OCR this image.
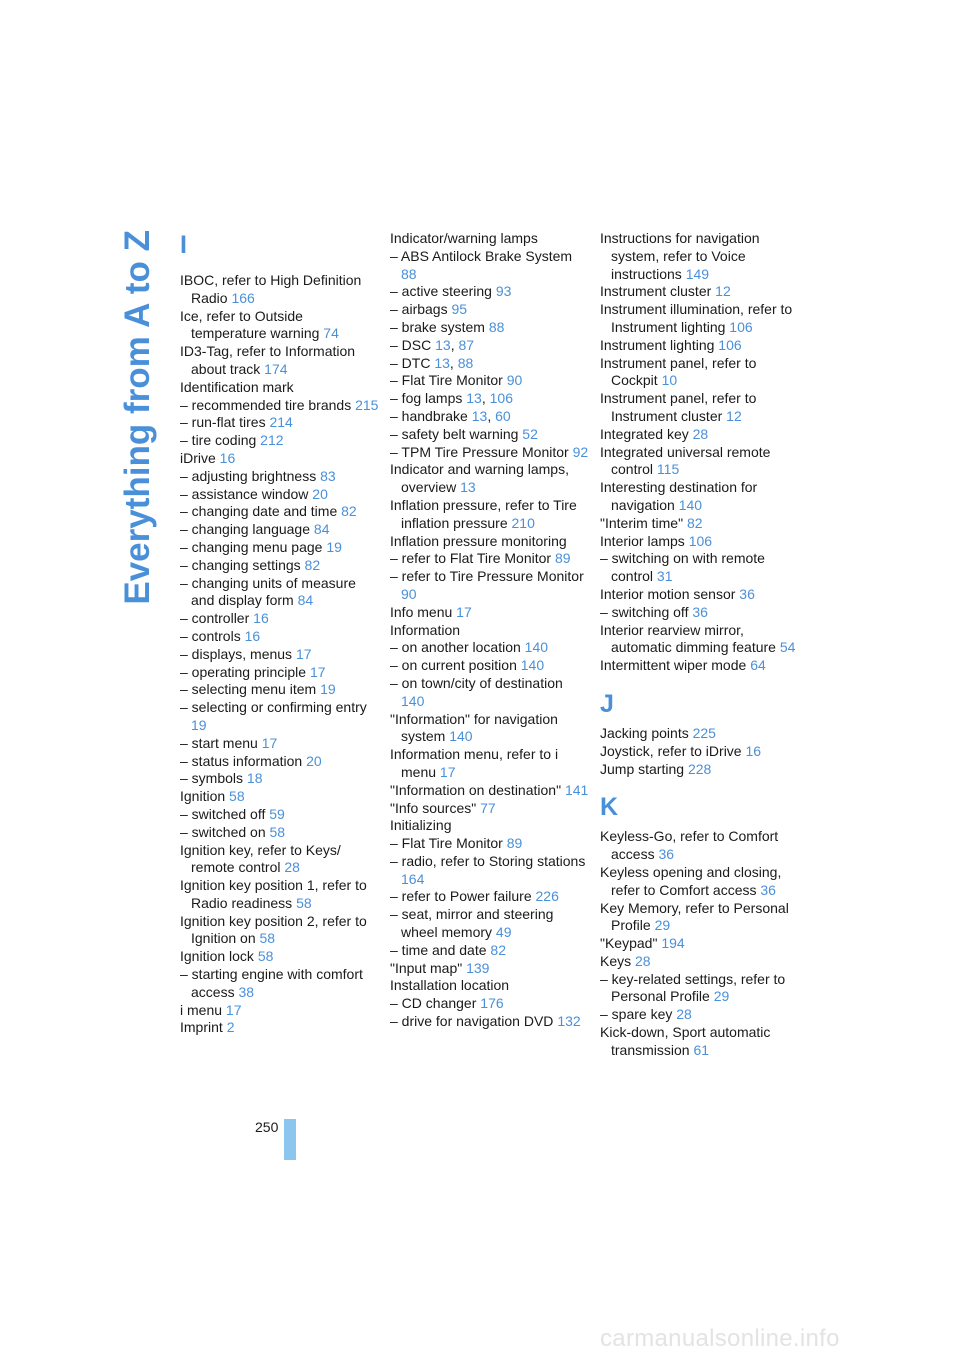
Everything from A to Z I
IBOC, refer to High Definition Radio 166
Ice, refer to Outside temperature warning 74
ID3-Tag, refer to Information about track 174
Identification mark
– recommended tire brands 215
– run-flat tires 214
– tire coding 212
iDrive 16
– adjusting brightness 83
– assistance window 20
– changing date and time 82
– changing language 84
– changing menu page 19
– changing settings 82
– changing units of measure and display form 84
– controller 16
– controls 16
– displays, menus 17
– operating principle 17
– selecting menu item 19
– selecting or confirming entry 19
– start menu 17
– status information 20
– symbols 18
Ignition 58
– switched off 59
– switched on 58
Ignition key, refer to Keys/ remote control 28
Ignition key position 1, refer to Radio readiness 58
Ignition key position 2, refer to Ignition on 58
Ignition lock 58
– starting engine with comfort access 38
i menu 17
Imprint 2
Indicator/warning lamps
– ABS Antilock Brake System 88
– active steering 93
– airbags 95
– brake system 88
– DSC 13, 87
– DTC 13, 88
– Flat Tire Monitor 90
– fog lamps 13, 106
– handbrake 13, 60
– safety belt warning 52
– TPM Tire Pressure Monitor 92
Indicator and warning lamps, overview 13
Inflation pressure, refer to Tire inflation pressure 210
Inflation pressure monitoring
– refer to Flat Tire Monitor 89
– refer to Tire Pressure Monitor 90
Info menu 17
Information
– on another location 140
– on current position 140
– on town/city of destination 140
"Information" for navigation system 140
Information menu, refer to i menu 17
"Information on destination" 141
"Info sources" 77
Initializing
– Flat Tire Monitor 89
– radio, refer to Storing stations 164
– refer to Power failure 226
– seat, mirror and steering wheel memory 49
– time and date 82
"Input map" 139
Installation location
– CD changer 176
– drive for navigation DVD 132
Instructions for navigation system, refer to Voice instructions 149
Instrument cluster 12
Instrument illumination, refer to Instrument lighting 106
Instrument lighting 106
Instrument panel, refer to Cockpit 10
Instrument panel, refer to Instrument cluster 12
Integrated key 28
Integrated universal remote control 115
Interesting destination for navigation 140
"Interim time" 82
Interior lamps 106
– switching on with remote control 31
Interior motion sensor 36
– switching off 36
Interior rearview mirror, automatic dimming feature 54
Intermittent wiper mode 64
J
Jacking points 225
Joystick, refer to iDrive 16
Jump starting 228
K
Keyless-Go, refer to Comfort access 36
Keyless opening and closing, refer to Comfort access 36
Key Memory, refer to Personal Profile 29
"Keypad" 194
Keys 28
– key-related settings, refer to Personal Profile 29
– spare key 28
Kick-down, Sport automatic transmission 61
250
carmanualsonline.info
